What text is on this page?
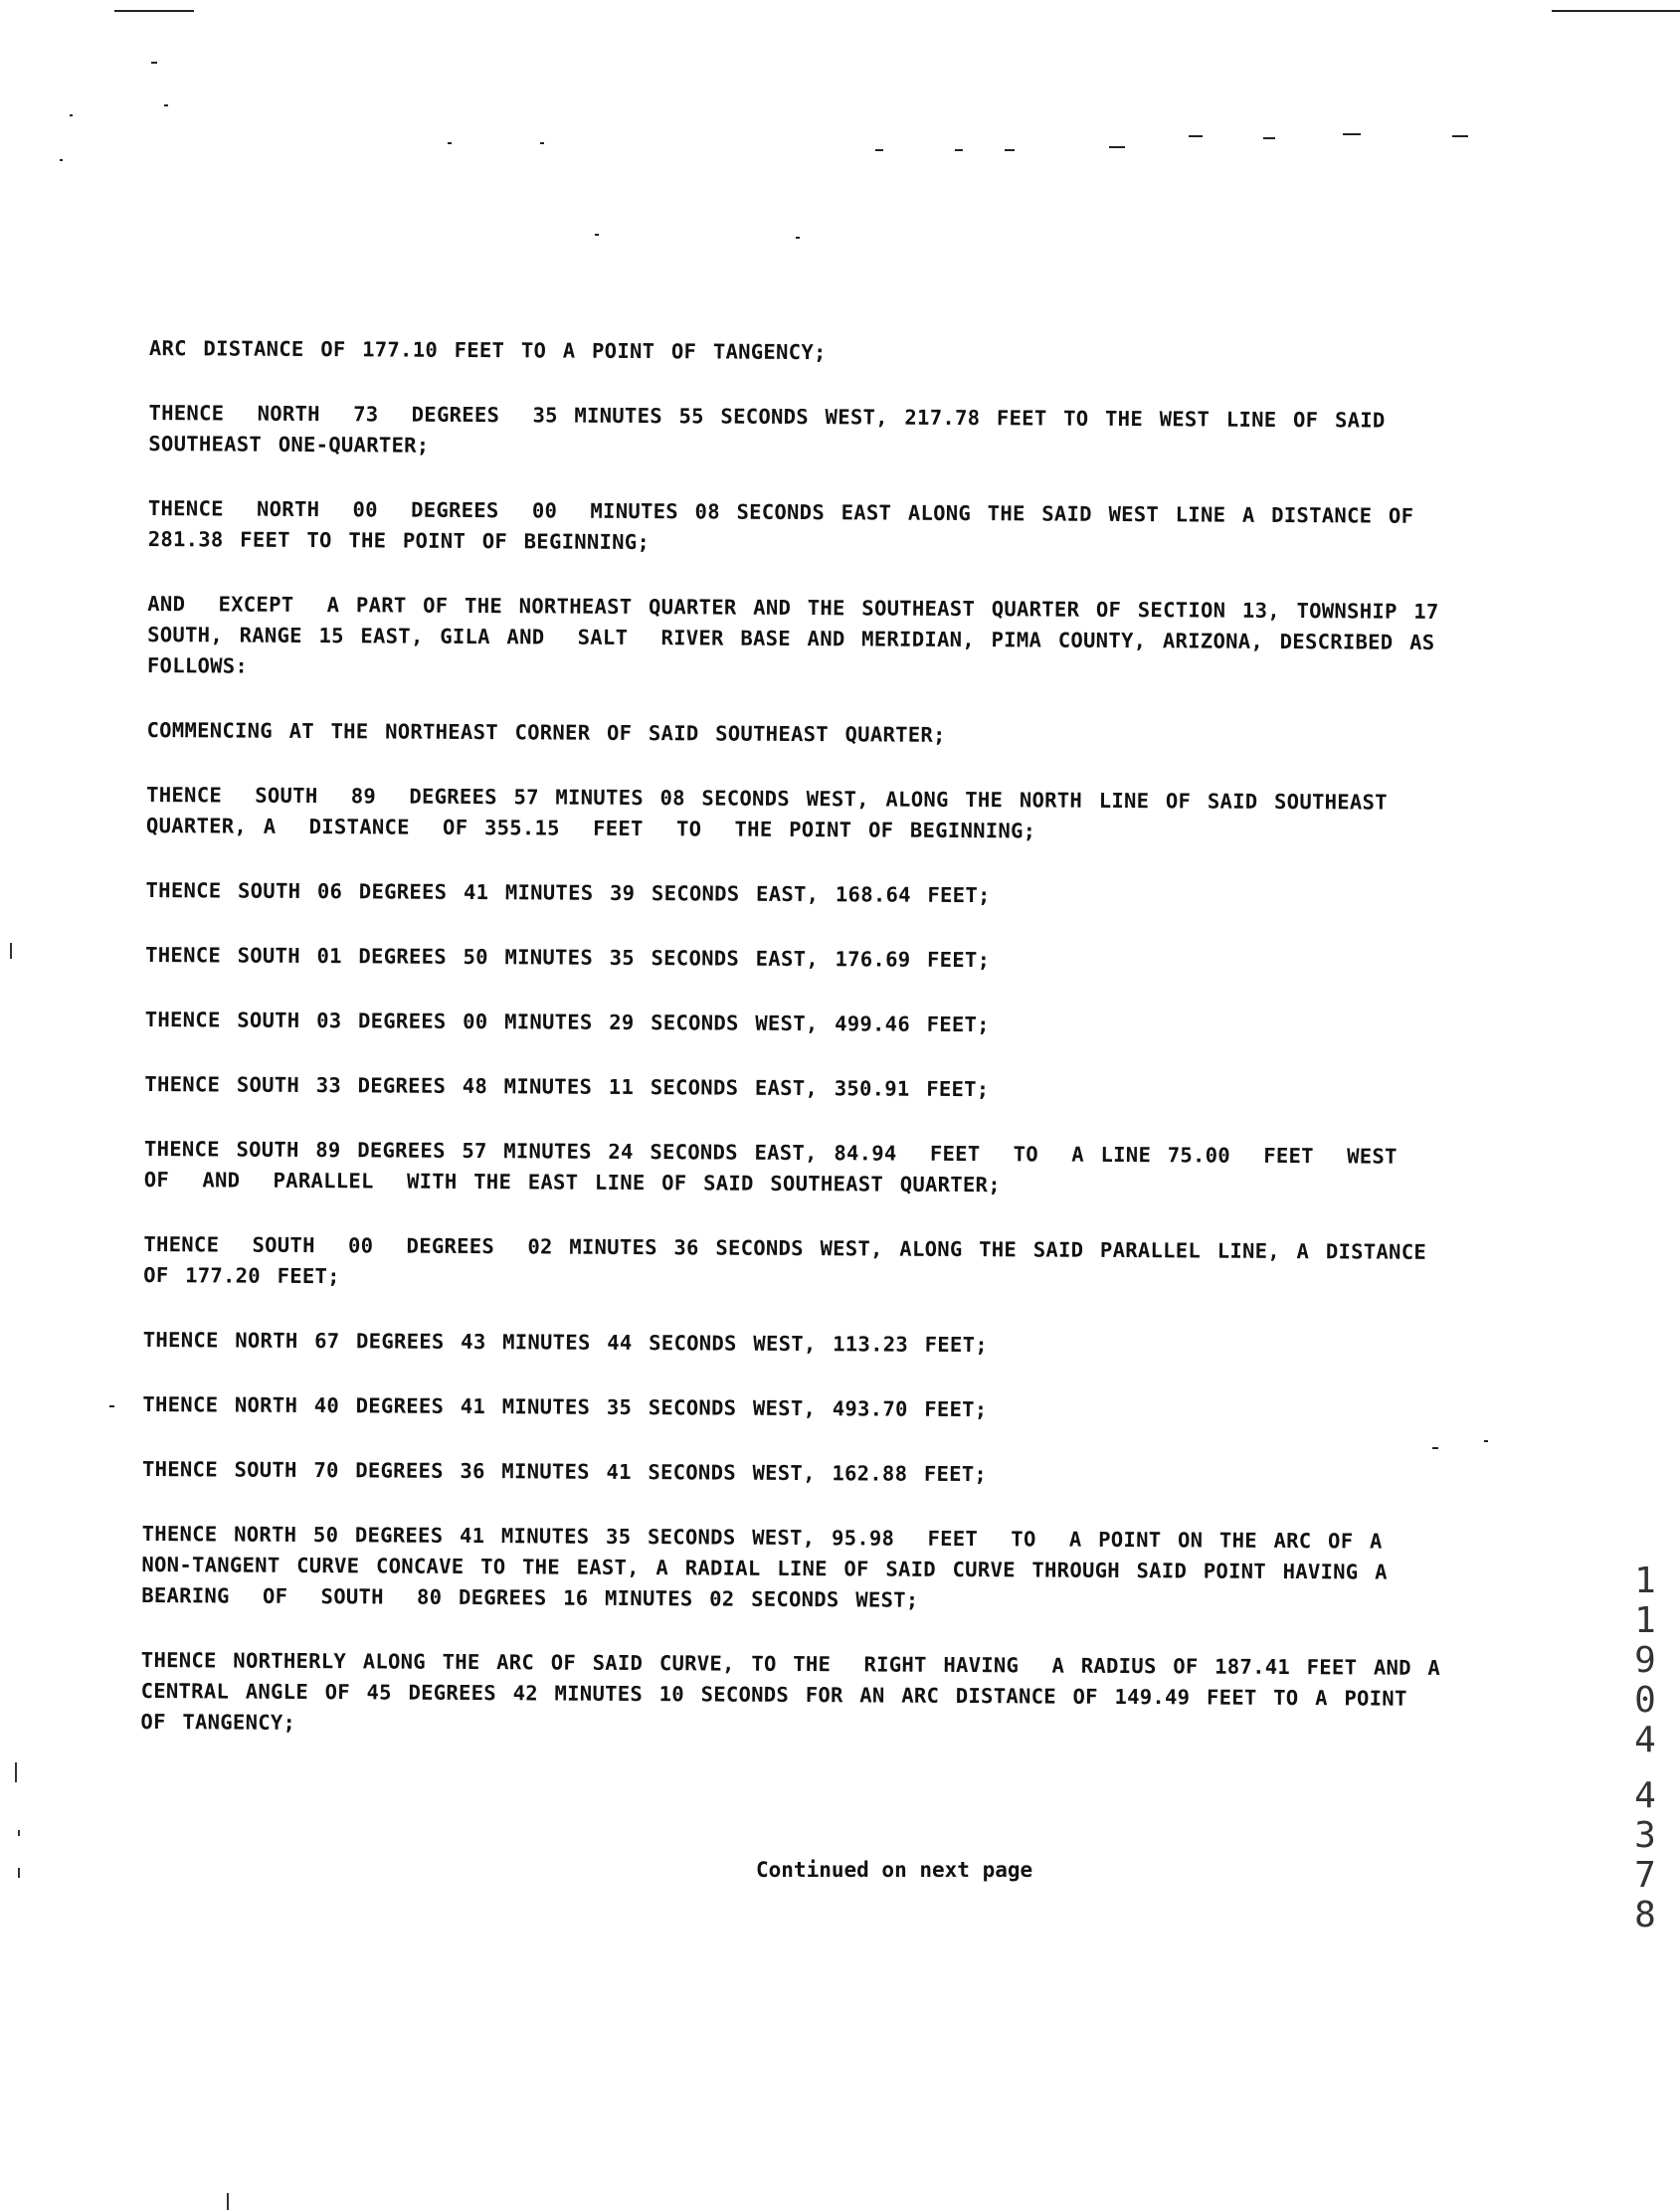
ARC DISTANCE OF 177.10 FEET TO A POINT OF TANGENCY;

THENCE  NORTH  73  DEGREES  35 MINUTES 55 SECONDS WEST, 217.78 FEET TO THE WEST LINE OF SAID SOUTHEAST ONE-QUARTER;

THENCE  NORTH  00  DEGREES  00  MINUTES 08 SECONDS EAST ALONG THE SAID WEST LINE A DISTANCE OF 281.38 FEET TO THE POINT OF BEGINNING;

AND  EXCEPT  A PART OF THE NORTHEAST QUARTER AND THE SOUTHEAST QUARTER OF SECTION 13, TOWNSHIP 17 SOUTH, RANGE 15 EAST, GILA AND  SALT  RIVER BASE AND MERIDIAN, PIMA COUNTY, ARIZONA, DESCRIBED AS FOLLOWS:

COMMENCING AT THE NORTHEAST CORNER OF SAID SOUTHEAST QUARTER;

THENCE  SOUTH  89  DEGREES 57 MINUTES 08 SECONDS WEST, ALONG THE NORTH LINE OF SAID SOUTHEAST QUARTER, A  DISTANCE  OF 355.15  FEET  TO  THE POINT OF BEGINNING;

THENCE SOUTH 06 DEGREES 41 MINUTES 39 SECONDS EAST, 168.64 FEET;

THENCE SOUTH 01 DEGREES 50 MINUTES 35 SECONDS EAST, 176.69 FEET;

THENCE SOUTH 03 DEGREES 00 MINUTES 29 SECONDS WEST, 499.46 FEET;

THENCE SOUTH 33 DEGREES 48 MINUTES 11 SECONDS EAST, 350.91 FEET;

THENCE SOUTH 89 DEGREES 57 MINUTES 24 SECONDS EAST, 84.94  FEET  TO  A LINE 75.00  FEET  WEST  OF  AND  PARALLEL  WITH THE EAST LINE OF SAID SOUTHEAST QUARTER;

THENCE  SOUTH  00  DEGREES  02 MINUTES 36 SECONDS WEST, ALONG THE SAID PARALLEL LINE, A DISTANCE OF 177.20 FEET;

THENCE NORTH 67 DEGREES 43 MINUTES 44 SECONDS WEST, 113.23 FEET;

THENCE NORTH 40 DEGREES 41 MINUTES 35 SECONDS WEST, 493.70 FEET;

THENCE SOUTH 70 DEGREES 36 MINUTES 41 SECONDS WEST, 162.88 FEET;

THENCE NORTH 50 DEGREES 41 MINUTES 35 SECONDS WEST, 95.98  FEET  TO  A POINT ON THE ARC OF A NON-TANGENT CURVE CONCAVE TO THE EAST, A RADIAL LINE OF SAID CURVE THROUGH SAID POINT HAVING A BEARING  OF  SOUTH  80 DEGREES 16 MINUTES 02 SECONDS WEST;

THENCE NORTHERLY ALONG THE ARC OF SAID CURVE, TO THE  RIGHT HAVING  A RADIUS OF 187.41 FEET AND A CENTRAL ANGLE OF 45 DEGREES 42 MINUTES 10 SECONDS FOR AN ARC DISTANCE OF 149.49 FEET TO A POINT OF TANGENCY;

Continued on next page
1
1
9
0
4
4
3
7
8
